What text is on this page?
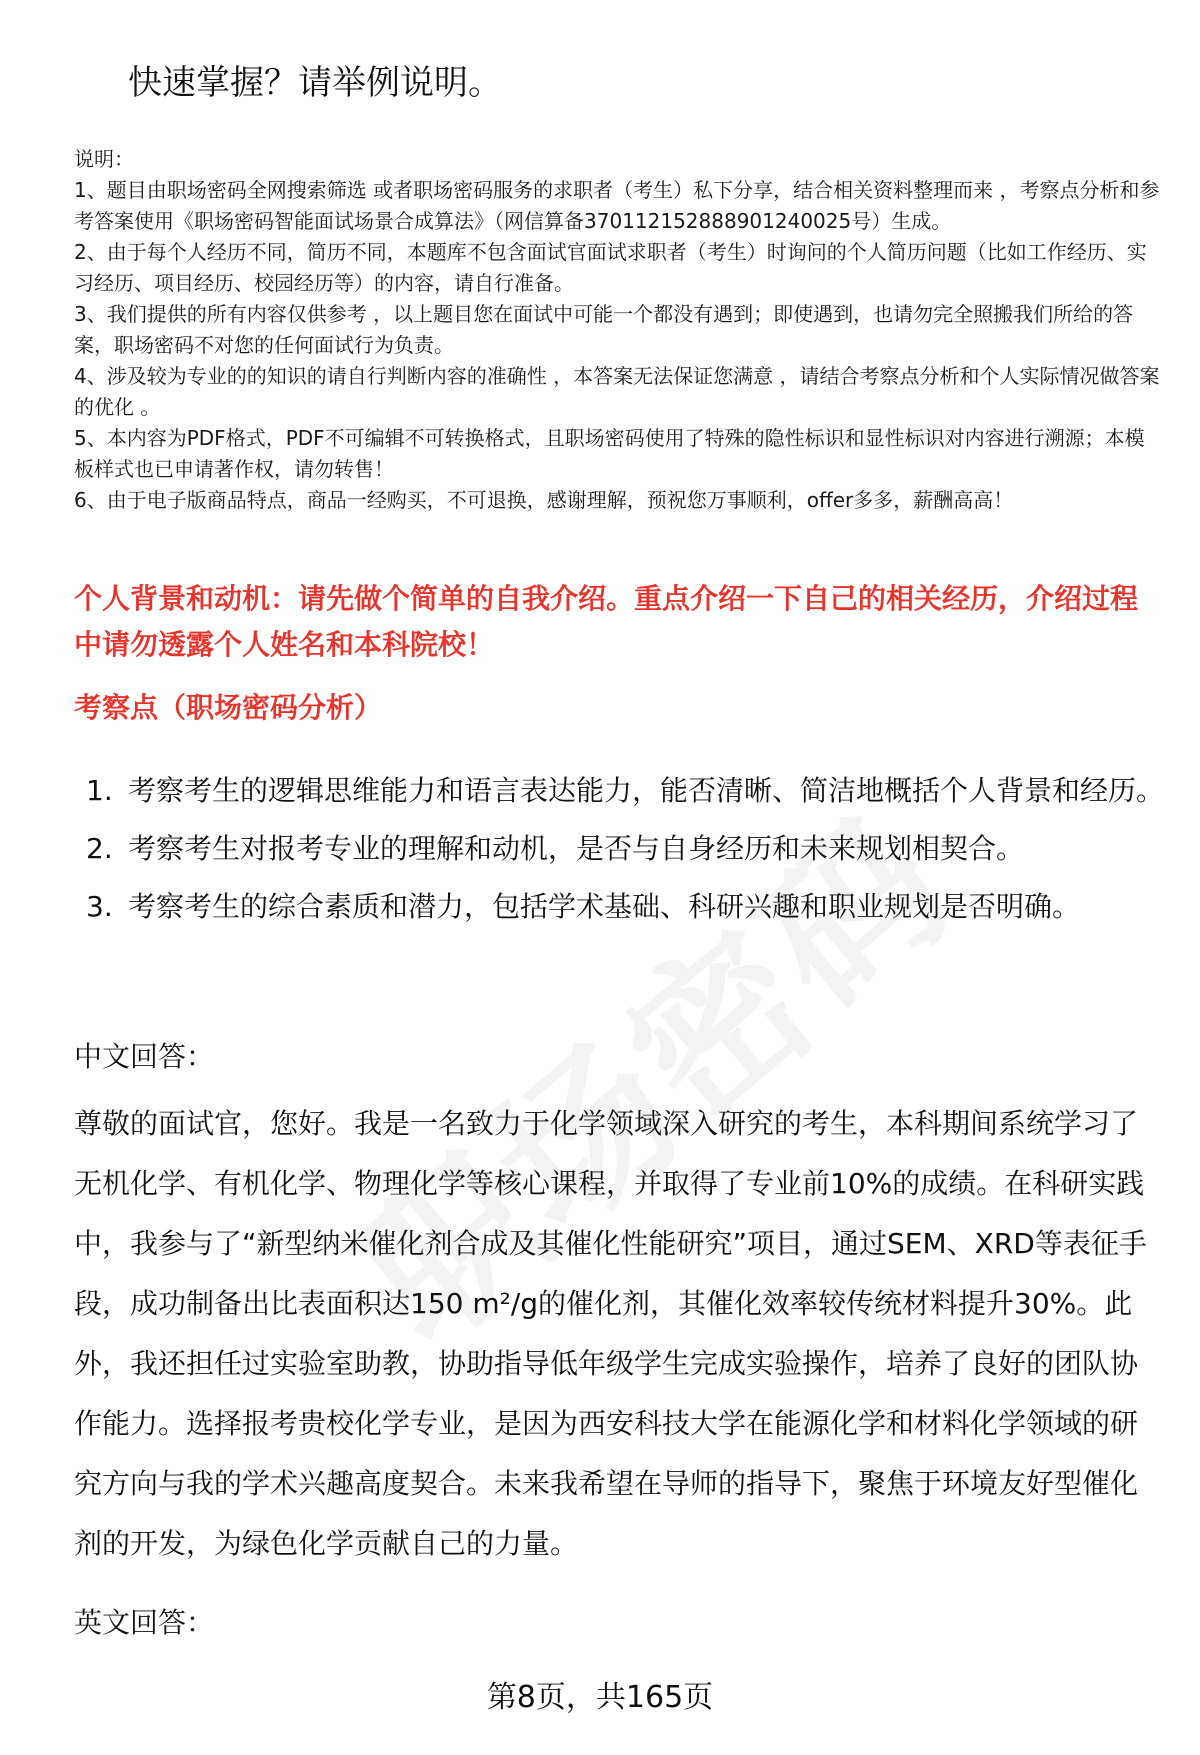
快速掌握？请举例说明。

说明：

1、题目由职场密码全网搜索筛选 或者职场密码服务的求职者（考生）私下分享，结合相关资料整理而来 ，考察点分析和参考答案使用《职场密码智能面试场景合成算法》（网信算备370112152888901240025号）生成。

2、由于每个人经历不同，简历不同，本题库不包含面试官面试求职者（考生）时询问的个人简历问题（比如工作经历、实习经历、项目经历、校园经历等）的内容，请自行准备。

3、我们提供的所有内容仅供参考 ，以上题目您在面试中可能一个都没有遇到；即使遇到，也请勿完全照搬我们所给的答案，职场密码不对您的任何面试行为负责。

4、涉及较为专业的的知识的请自行判断内容的准确性 ，本答案无法保证您满意 ，请结合考察点分析和个人实际情况做答案的优化 。

5、本内容为PDF格式，PDF不可编辑不可转换格式，且职场密码使用了特殊的隐性标识和显性标识对内容进行溯源；本模板样式也已申请著作权，请勿转售！

6、由于电子版商品特点，商品一经购买，不可退换，感谢理解，预祝您万事顺利，offer多多，薪酬高高！

个人背景和动机：请先做个简单的自我介绍。重点介绍一下自己的相关经历，介绍过程中请勿透露个人姓名和本科院校！
考察点（职场密码分析）
1. 考察考生的逻辑思维能力和语言表达能力，能否清晰、简洁地概括个人背景和经历。
2. 考察考生对报考专业的理解和动机，是否与自身经历和未来规划相契合。
3. 考察考生的综合素质和潜力，包括学术基础、科研兴趣和职业规划是否明确。
中文回答：
尊敬的面试官，您好。我是一名致力于化学领域深入研究的考生，本科期间系统学习了无机化学、有机化学、物理化学等核心课程，并取得了专业前10%的成绩。在科研实践中，我参与了“新型纳米催化剂合成及其催化性能研究”项目，通过SEM、XRD等表征手段，成功制备出比表面积达150 m²/g的催化剂，其催化效率较传统材料提升30%。此外，我还担任过实验室助教，协助指导低年级学生完成实验操作，培养了良好的团队协作能力。选择报考贵校化学专业，是因为西安科技大学在能源化学和材料化学领域的研究方向与我的学术兴趣高度契合。未来我希望在导师的指导下，聚焦于环境友好型催化剂的开发，为绿色化学贡献自己的力量。
英文回答：
第8页，共165页
